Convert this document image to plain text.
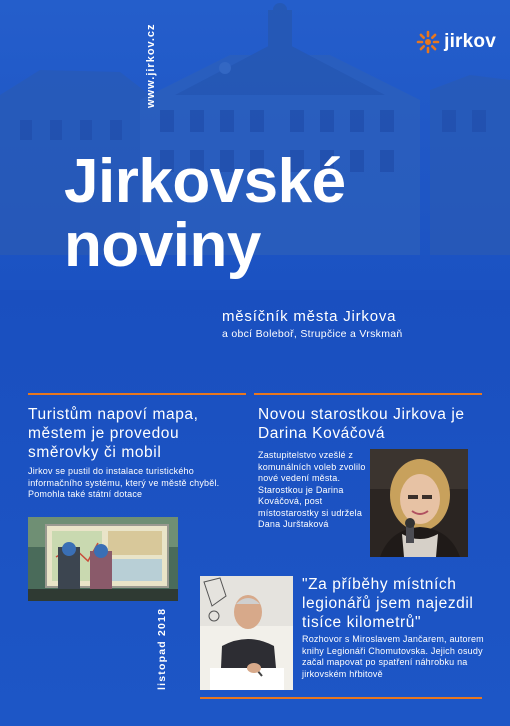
jirkov
www.jirkov.cz
Jirkovské
noviny
měsíčník města Jirkova
a obcí Boleboř, Strupčice a Vrskmaň
Turistům napoví mapa, městem je provedou směrovky či mobil

Jirkov se pustil do instalace turistického informačního systému, který ve městě chyběl. Pomohla také státní dotace

Novou starostkou Jirkova je Darina Kováčová

Zastupitelstvo vzešlé z komunálních voleb zvolilo nové vedení města. Starostkou je Darina Kováčová, post místostarostky si udržela Dana Jurštaková

"Za příběhy místních legionářů jsem najezdil tisíce kilometrů"

Rozhovor s Miroslavem Jančarem, autorem knihy Legionáři Chomutovska. Jejich osudy začal mapovat po spatření náhrobku na jirkovském hřbitově

listopad 2018
